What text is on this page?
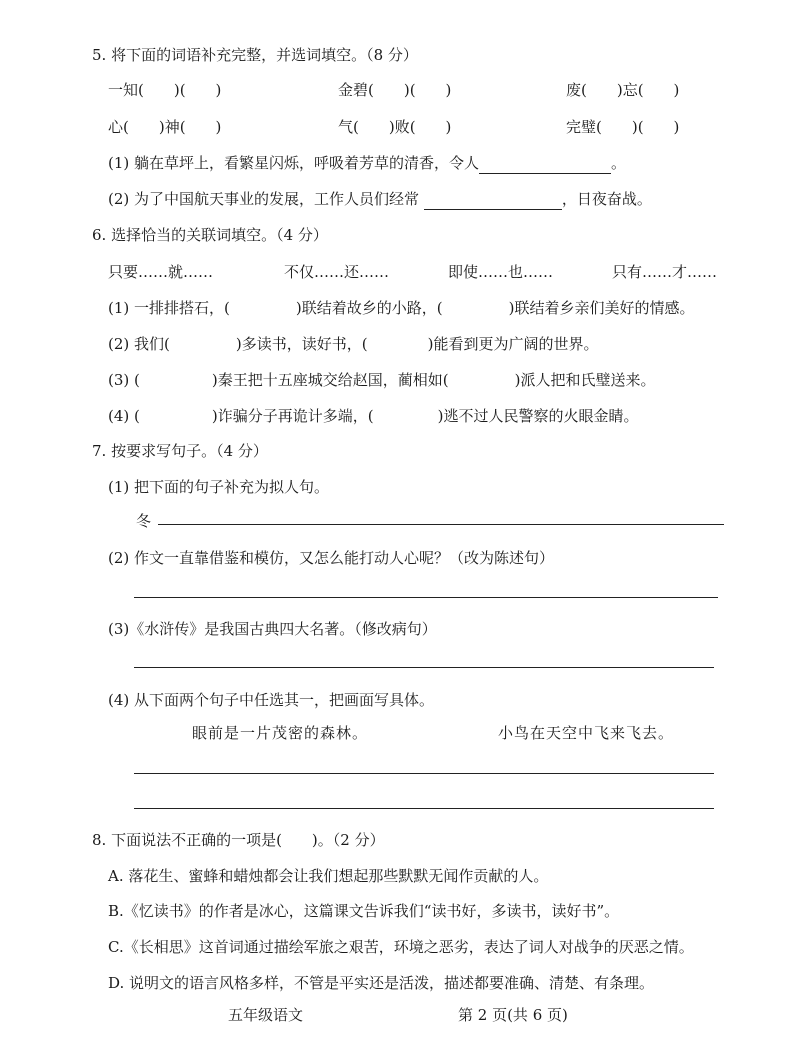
5. 将下面的词语补充完整，并选词填空。（8 分）
一知(　　)(　　)	金碧(　　)(　　)	废(　　)忘(　　)
心(　　)神(　　)	气(　　)败(　　)	完璧(　　)(　　)
(1) 躺在草坪上，看繁星闪烁，呼吸着芳草的清香，令人	。
(2) 为了中国航天事业的发展，工作人员们经常	，日夜奋战。
6. 选择恰当的关联词填空。（4 分）
只要……就……	不仅……还……	即使……也……	只有……才……
(1) 一排排搭石，(	)联结着故乡的小路，(	)联结着乡亲们美好的情感。
(2) 我们(	)多读书，读好书，(	)能看到更为广阔的世界。
(3) (	)秦王把十五座城交给赵国，蔺相如(	)派人把和氏璧送来。
(4) (	)诈骗分子再诡计多端，(	)逃不过人民警察的火眼金睛。
7. 按要求写句子。（4 分）
(1) 把下面的句子补充为拟人句。
冬
(2) 作文一直靠借鉴和模仿，又怎么能打动人心呢？（改为陈述句）
(3)《水浒传》是我国古典四大名著。（修改病句）
(4) 从下面两个句子中任选其一，把画面写具体。
眼前是一片茂密的森林。	小鸟在天空中飞来飞去。
8. 下面说法不正确的一项是(　　)。（2 分）
A. 落花生、蜜蜂和蜡烛都会让我们想起那些默默无闻作贡献的人。
B.《忆读书》的作者是冰心，这篇课文告诉我们“读书好，多读书，读好书”。
C.《长相思》这首词通过描绘军旅之艰苦，环境之恶劣，表达了词人对战争的厌恶之情。
D. 说明文的语言风格多样，不管是平实还是活泼，描述都要准确、清楚、有条理。
五年级语文	第 2 页(共 6 页)
